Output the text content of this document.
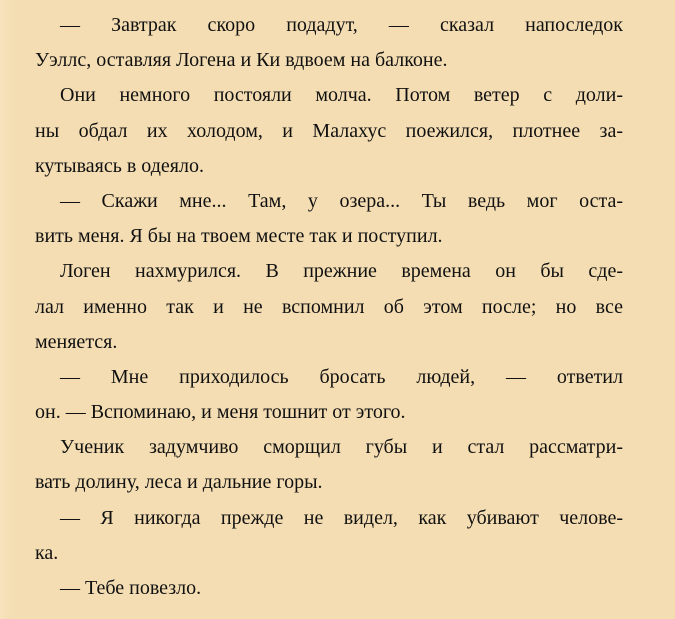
— Завтрак скоро подадут, — сказал напоследок
Уэллс, оставляя Логена и Ки вдвоем на балконе.
Они немного постояли молча. Потом ветер с доли-
ны обдал их холодом, и Малахус поежился, плотнее за-
кутываясь в одеяло.
— Скажи мне... Там, у озера... Ты ведь мог оста-
вить меня. Я бы на твоем месте так и поступил.
Логен нахмурился. В прежние времена он бы сде-
лал именно так и не вспомнил об этом после; но все
меняется.
— Мне приходилось бросать людей, — ответил
он. — Вспоминаю, и меня тошнит от этого.
Ученик задумчиво сморщил губы и стал рассматри-
вать долину, леса и дальние горы.
— Я никогда прежде не видел, как убивают челове-
ка.
— Тебе повезло.
